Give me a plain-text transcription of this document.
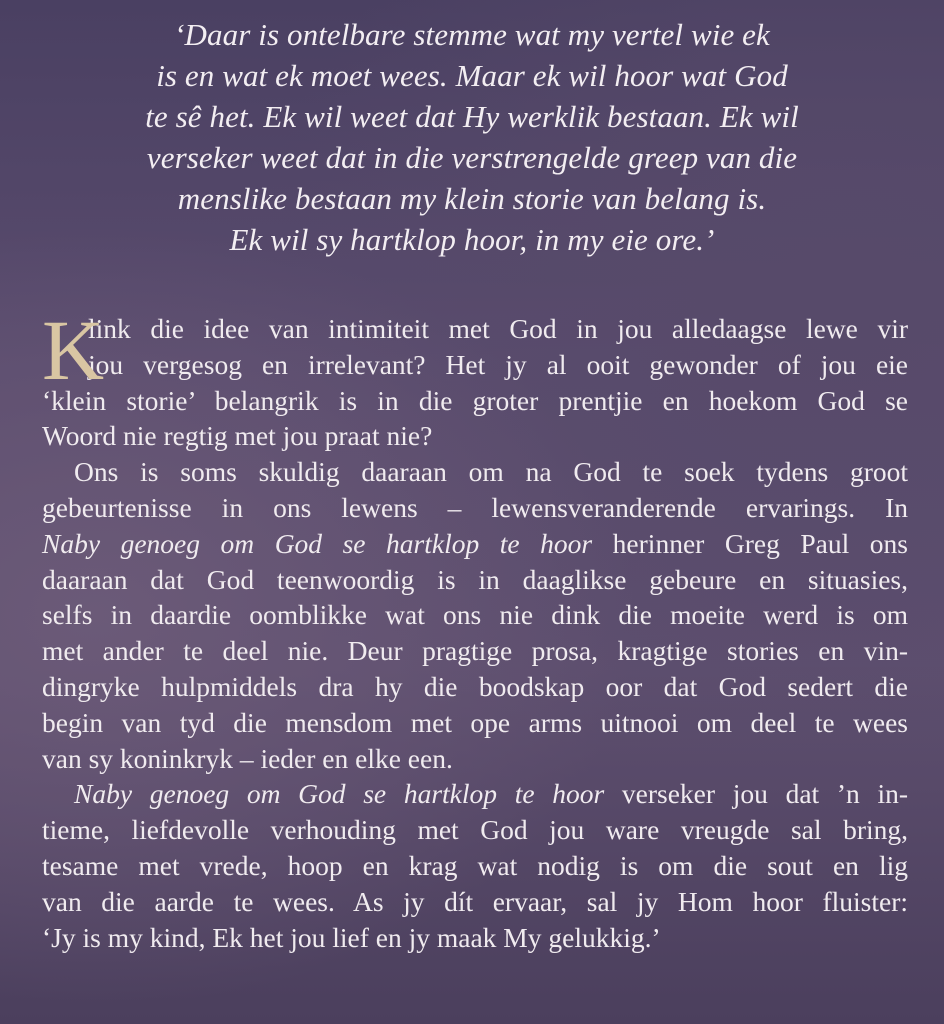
‘Daar is ontelbare stemme wat my vertel wie ek
is en wat ek moet wees. Maar ek wil hoor wat God
te sê het. Ek wil weet dat Hy werklik bestaan. Ek wil
verseker weet dat in die verstrengelde greep van die
menslike bestaan my klein storie van belang is.
Ek wil sy hartklop hoor, in my eie ore.’
K
link die idee van intimiteit met God in jou alledaagse lewe vir
jou vergesog en irrelevant? Het jy al ooit gewonder of jou eie
‘klein storie’ belangrik is in die groter prentjie en hoekom God se
Woord nie regtig met jou praat nie?
Ons is soms skuldig daaraan om na God te soek tydens groot
gebeurtenisse in ons lewens – lewensveranderende ervarings. In
Naby genoeg om God se hartklop te hoor herinner Greg Paul ons
daaraan dat God teenwoordig is in daaglikse gebeure en situasies,
selfs in daardie oomblikke wat ons nie dink die moeite werd is om
met ander te deel nie. Deur pragtige prosa, kragtige stories en vin-
dingryke hulpmiddels dra hy die boodskap oor dat God sedert die
begin van tyd die mensdom met ope arms uitnooi om deel te wees
van sy koninkryk – ieder en elke een.
Naby genoeg om God se hartklop te hoor verseker jou dat ’n in-
tieme, liefdevolle verhouding met God jou ware vreugde sal bring,
tesame met vrede, hoop en krag wat nodig is om die sout en lig
van die aarde te wees. As jy dít ervaar, sal jy Hom hoor fluister:
‘Jy is my kind, Ek het jou lief en jy maak My gelukkig.’
